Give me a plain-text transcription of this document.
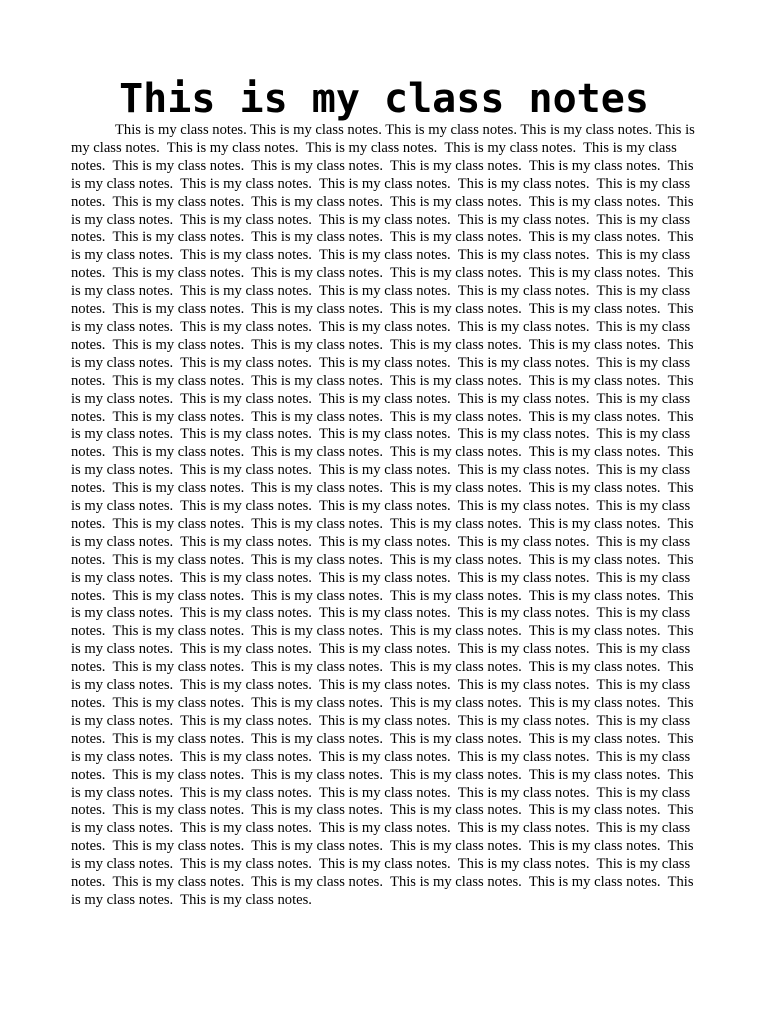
This is my class notes

This is my class notes. This is my class notes. This is my class notes. This is my class notes. This is my class notes.  This is my class notes.  This is my class notes.  This is my class notes.  This is my class notes.  This is my class notes.  This is my class notes.  This is my class notes.  This is my class notes.  This is my class notes.  This is my class notes.  This is my class notes.  This is my class notes.  This is my class notes.  This is my class notes.  This is my class notes.  This is my class notes.  This is my class notes.  This is my class notes.  This is my class notes.  This is my class notes.  This is my class notes.  This is my class notes.  This is my class notes.  This is my class notes.  This is my class notes.  This is my class notes.  This is my class notes.  This is my class notes.  This is my class notes.  This is my class notes.  This is my class notes.  This is my class notes.  This is my class notes.  This is my class notes.  This is my class notes.  This is my class notes.  This is my class notes.  This is my class notes.  This is my class notes.  This is my class notes.  This is my class notes.  This is my class notes.  This is my class notes.  This is my class notes.  This is my class notes.  This is my class notes.  This is my class notes.  This is my class notes.  This is my class notes.  This is my class notes.  This is my class notes.  This is my class notes.  This is my class notes.  This is my class notes.  This is my class notes.  This is my class notes.  This is my class notes.  This is my class notes.  This is my class notes.  This is my class notes.  This is my class notes.  This is my class notes.  This is my class notes.  This is my class notes.  This is my class notes.  This is my class notes.  This is my class notes.  This is my class notes.  This is my class notes.  This is my class notes.  This is my class notes.  This is my class notes.  This is my class notes.  This is my class notes.  This is my class notes.  This is my class notes.  This is my class notes.  This is my class notes.  This is my class notes.  This is my class notes.  This is my class notes.  This is my class notes.  This is my class notes.  This is my class notes.  This is my class notes.  This is my class notes.  This is my class notes.  This is my class notes.  This is my class notes.  This is my class notes.  This is my class notes.  This is my class notes.  This is my class notes.  This is my class notes.  This is my class notes.  This is my class notes.  This is my class notes.  This is my class notes.  This is my class notes.  This is my class notes.  This is my class notes.  This is my class notes.  This is my class notes.  This is my class notes.  This is my class notes.  This is my class notes.  This is my class notes.  This is my class notes.  This is my class notes.  This is my class notes.  This is my class notes.  This is my class notes.  This is my class notes.  This is my class notes.  This is my class notes.  This is my class notes.  This is my class notes.  This is my class notes.  This is my class notes.  This is my class notes.  This is my class notes.  This is my class notes.  This is my class notes.  This is my class notes.  This is my class notes.  This is my class notes.  This is my class notes.  This is my class notes.  This is my class notes.  This is my class notes.  This is my class notes.  This is my class notes.  This is my class notes.  This is my class notes.  This is my class notes.  This is my class notes.  This is my class notes.  This is my class notes.  This is my class notes.  This is my class notes.  This is my class notes.  This is my class notes.  This is my class notes.  This is my class notes.  This is my class notes.  This is my class notes.  This is my class notes.  This is my class notes.  This is my class notes.  This is my class notes.  This is my class notes.  This is my class notes.  This is my class notes.  This is my class notes.  This is my class notes.  This is my class notes.  This is my class notes.  This is my class notes.  This is my class notes.  This is my class notes.  This is my class notes.  This is my class notes.  This is my class notes.  This is my class notes.  This is my class notes.  This is my class notes.  This is my class notes.  This is my class notes.  This is my class notes.  This is my class notes.  This is my class notes.  This is my class notes.  This is my class notes.  This is my class notes.  This is my class notes.  This is my class notes.  This is my class notes.  This is my class notes.  This is my class notes.  This is my class notes.  This is my class notes.  This is my class notes.  This is my class notes.  This is my class notes.  This is my class notes.  This is my class notes.  This is my class notes.  This is my class notes.  This is my class notes.  This is my class notes.
